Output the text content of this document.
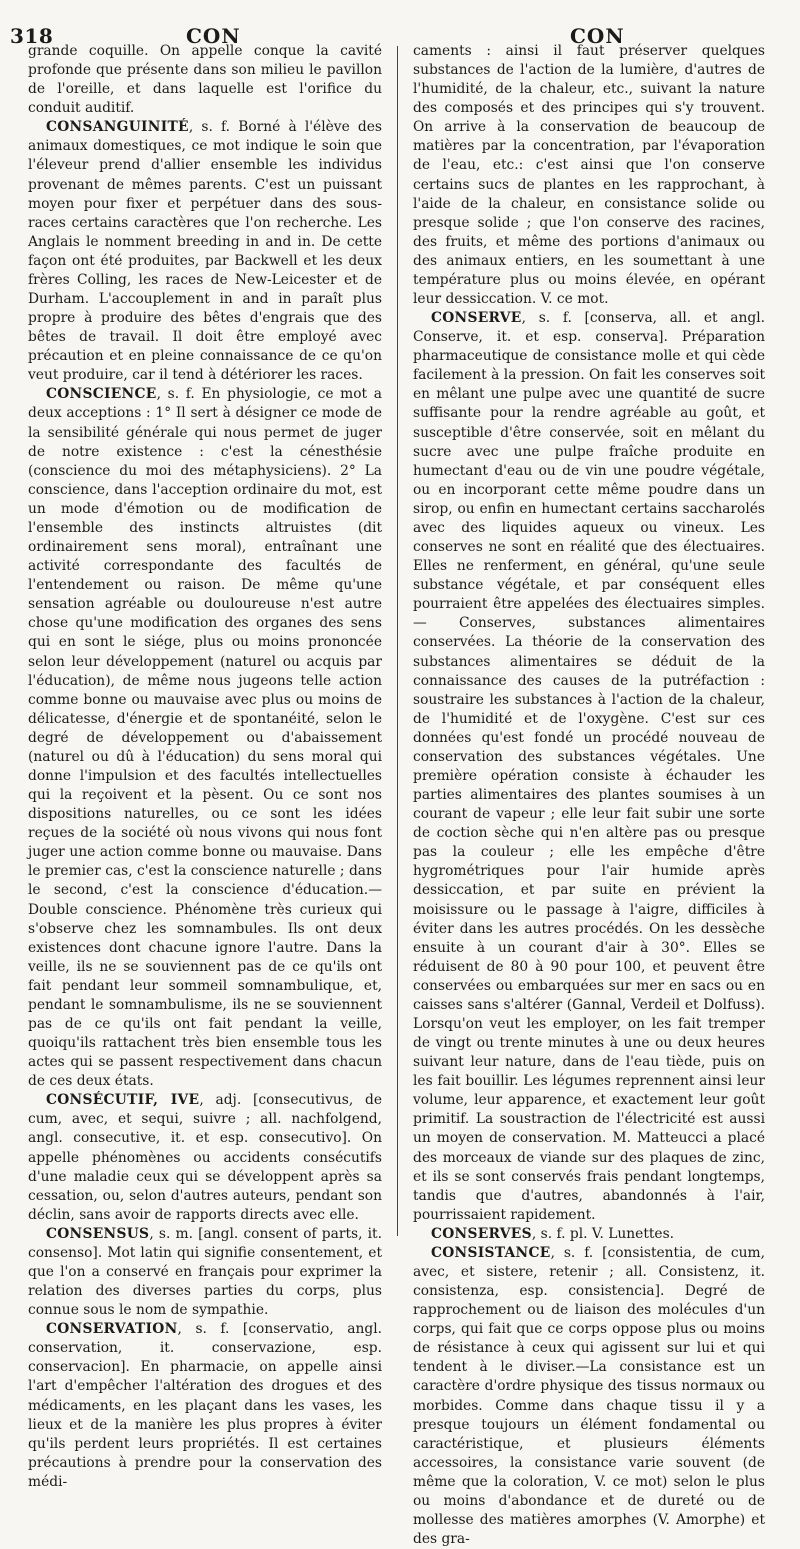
318	CON	CON

grande coquille. On appelle conque la cavité profonde que présente dans son milieu le pavillon de l'oreille, et dans laquelle est l'orifice du conduit auditif.

CONSANGUINITÉ, s. f. Borné à l'élève des animaux domestiques, ce mot indique le soin que l'éleveur prend d'allier ensemble les individus provenant de mêmes parents. C'est un puissant moyen pour fixer et perpétuer dans des sous-races certains caractères que l'on recherche. Les Anglais le nomment breeding in and in. De cette façon ont été produites, par Backwell et les deux frères Colling, les races de New-Leicester et de Durham. L'accouplement in and in paraît plus propre à produire des bêtes d'engrais que des bêtes de travail. Il doit être employé avec précaution et en pleine connaissance de ce qu'on veut produire, car il tend à détériorer les races.

CONSCIENCE, s. f. En physiologie, ce mot a deux acceptions : 1° Il sert à désigner ce mode de la sensibilité générale qui nous permet de juger de notre existence : c'est la cénesthésie (conscience du moi des métaphysiciens). 2° La conscience, dans l'acception ordinaire du mot, est un mode d'émotion ou de modification de l'ensemble des instincts altruistes (dit ordinairement sens moral), entraînant une activité correspondante des facultés de l'entendement ou raison. De même qu'une sensation agréable ou douloureuse n'est autre chose qu'une modification des organes des sens qui en sont le siége, plus ou moins prononcée selon leur développement (naturel ou acquis par l'éducation), de même nous jugeons telle action comme bonne ou mauvaise avec plus ou moins de délicatesse, d'énergie et de spontanéité, selon le degré de développement ou d'abaissement (naturel ou dû à l'éducation) du sens moral qui donne l'impulsion et des facultés intellectuelles qui la reçoivent et la pèsent. Ou ce sont nos dispositions naturelles, ou ce sont les idées reçues de la société où nous vivons qui nous font juger une action comme bonne ou mauvaise. Dans le premier cas, c'est la conscience naturelle ; dans le second, c'est la conscience d'éducation.— Double conscience. Phénomène très curieux qui s'observe chez les somnambules. Ils ont deux existences dont chacune ignore l'autre. Dans la veille, ils ne se souviennent pas de ce qu'ils ont fait pendant leur sommeil somnambulique, et, pendant le somnambulisme, ils ne se souviennent pas de ce qu'ils ont fait pendant la veille, quoiqu'ils rattachent très bien ensemble tous les actes qui se passent respectivement dans chacun de ces deux états.

CONSÉCUTIF, IVE, adj. [consecutivus, de cum, avec, et sequi, suivre ; all. nachfolgend, angl. consecutive, it. et esp. consecutivo]. On appelle phénomènes ou accidents consécutifs d'une maladie ceux qui se développent après sa cessation, ou, selon d'autres auteurs, pendant son déclin, sans avoir de rapports directs avec elle.

CONSENSUS, s. m. [angl. consent of parts, it. consenso]. Mot latin qui signifie consentement, et que l'on a conservé en français pour exprimer la relation des diverses parties du corps, plus connue sous le nom de sympathie.

CONSERVATION, s. f. [conservatio, angl. conservation, it. conservazione, esp. conservacion]. En pharmacie, on appelle ainsi l'art d'empêcher l'altération des drogues et des médicaments, en les plaçant dans les vases, les lieux et de la manière les plus propres à éviter qu'ils perdent leurs propriétés. Il est certaines précautions à prendre pour la conservation des médi-

caments : ainsi il faut préserver quelques substances de l'action de la lumière, d'autres de l'humidité, de la chaleur, etc., suivant la nature des composés et des principes qui s'y trouvent. On arrive à la conservation de beaucoup de matières par la concentration, par l'évaporation de l'eau, etc.: c'est ainsi que l'on conserve certains sucs de plantes en les rapprochant, à l'aide de la chaleur, en consistance solide ou presque solide ; que l'on conserve des racines, des fruits, et même des portions d'animaux ou des animaux entiers, en les soumettant à une température plus ou moins élevée, en opérant leur dessiccation. V. ce mot.

CONSERVE, s. f. [conserva, all. et angl. Conserve, it. et esp. conserva]. Préparation pharmaceutique de consistance molle et qui cède facilement à la pression. On fait les conserves soit en mêlant une pulpe avec une quantité de sucre suffisante pour la rendre agréable au goût, et susceptible d'être conservée, soit en mêlant du sucre avec une pulpe fraîche produite en humectant d'eau ou de vin une poudre végétale, ou en incorporant cette même poudre dans un sirop, ou enfin en humectant certains saccharolés avec des liquides aqueux ou vineux. Les conserves ne sont en réalité que des électuaires. Elles ne renferment, en général, qu'une seule substance végétale, et par conséquent elles pourraient être appelées des électuaires simples. — Conserves, substances alimentaires conservées. La théorie de la conservation des substances alimentaires se déduit de la connaissance des causes de la putréfaction : soustraire les substances à l'action de la chaleur, de l'humidité et de l'oxygène. C'est sur ces données qu'est fondé un procédé nouveau de conservation des substances végétales. Une première opération consiste à échauder les parties alimentaires des plantes soumises à un courant de vapeur ; elle leur fait subir une sorte de coction sèche qui n'en altère pas ou presque pas la couleur ; elle les empêche d'être hygrométriques pour l'air humide après dessiccation, et par suite en prévient la moisissure ou le passage à l'aigre, difficiles à éviter dans les autres procédés. On les dessèche ensuite à un courant d'air à 30°. Elles se réduisent de 80 à 90 pour 100, et peuvent être conservées ou embarquées sur mer en sacs ou en caisses sans s'altérer (Gannal, Verdeil et Dolfuss). Lorsqu'on veut les employer, on les fait tremper de vingt ou trente minutes à une ou deux heures suivant leur nature, dans de l'eau tiède, puis on les fait bouillir. Les légumes reprennent ainsi leur volume, leur apparence, et exactement leur goût primitif. La soustraction de l'électricité est aussi un moyen de conservation. M. Matteucci a placé des morceaux de viande sur des plaques de zinc, et ils se sont conservés frais pendant longtemps, tandis que d'autres, abandonnés à l'air, pourrissaient rapidement.

CONSERVES, s. f. pl. V. Lunettes.

CONSISTANCE, s. f. [consistentia, de cum, avec, et sistere, retenir ; all. Consistenz, it. consistenza, esp. consistencia]. Degré de rapprochement ou de liaison des molécules d'un corps, qui fait que ce corps oppose plus ou moins de résistance à ceux qui agissent sur lui et qui tendent à le diviser.—La consistance est un caractère d'ordre physique des tissus normaux ou morbides. Comme dans chaque tissu il y a presque toujours un élément fondamental ou caractéristique, et plusieurs éléments accessoires, la consistance varie souvent (de même que la coloration, V. ce mot) selon le plus ou moins d'abondance et de dureté ou de mollesse des matières amorphes (V. Amorphe) et des gra-
